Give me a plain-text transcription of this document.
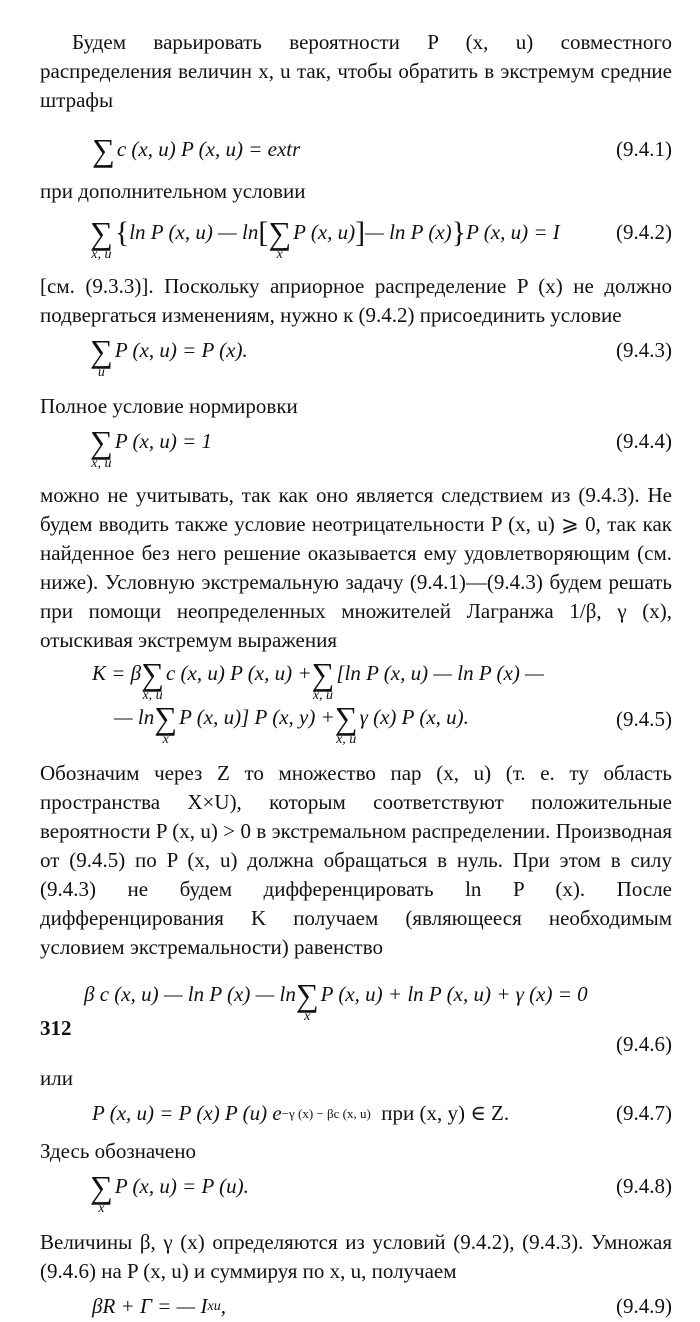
Будем варьировать вероятности P (x, u) совместного распределения величин x, u так, чтобы обратить в экстремум средние штрафы

∑ c (x, u) P (x, u) = extr	(9.4.1)

при дополнительном условии

∑
x, u
{ ln P (x, u) — ln [ ∑
x
P (x, u) ] — ln P (x) } P (x, u) = I	(9.4.2)

[см. (9.3.3)]. Поскольку априорное распределение P (x) не должно подвергаться изменениям, нужно к (9.4.2) присоединить условие

∑
u
P (x, u) = P (x).	(9.4.3)

Полное условие нормировки

∑
x, u
P (x, u) = 1	(9.4.4)

можно не учитывать, так как оно является следствием из (9.4.3). Не будем вводить также условие неотрицательности P (x, u) ⩾ 0, так как найденное без него решение оказывается ему удовлетворяющим (см. ниже). Условную экстремальную задачу (9.4.1)—(9.4.3) будем решать при помощи неопределенных множителей Лагранжа 1/β, γ (x), отыскивая экстремум выражения

K = β ∑
x, u
c (x, u) P (x, u) + ∑
x, u
[ln P (x, u) — ln P (x) —
— ln ∑
x
P (x, u)] P (x, y) + ∑
x, u
γ (x) P (x, u).	(9.4.5)

Обозначим через Z то множество пар (x, u) (т. е. ту область пространства X×U), которым соответствуют положительные вероятности P (x, u) > 0 в экстремальном распределении. Производная от (9.4.5) по P (x, u) должна обращаться в нуль. При этом в силу (9.4.3) не будем дифференцировать ln P (x). После дифференцирования K получаем (являющееся необходимым условием экстремальности) равенство

β c (x, u) — ln P (x) — ln ∑
x
P (x, u) + ln P (x, u) + γ (x) = 0
(9.4.6)

или

P (x, u) = P (x) P (u) e −γ (x) − βc (x, u)
при (x, y) ∈ Z.	(9.4.7)

Здесь обозначено

∑
x
P (x, u) = P (u).	(9.4.8)

Величины β, γ (x) определяются из условий (9.4.2), (9.4.3). Умножая (9.4.6) на P (x, u) и суммируя по x, u, получаем

βR + Γ = — I xu ,	(9.4.9)
312
